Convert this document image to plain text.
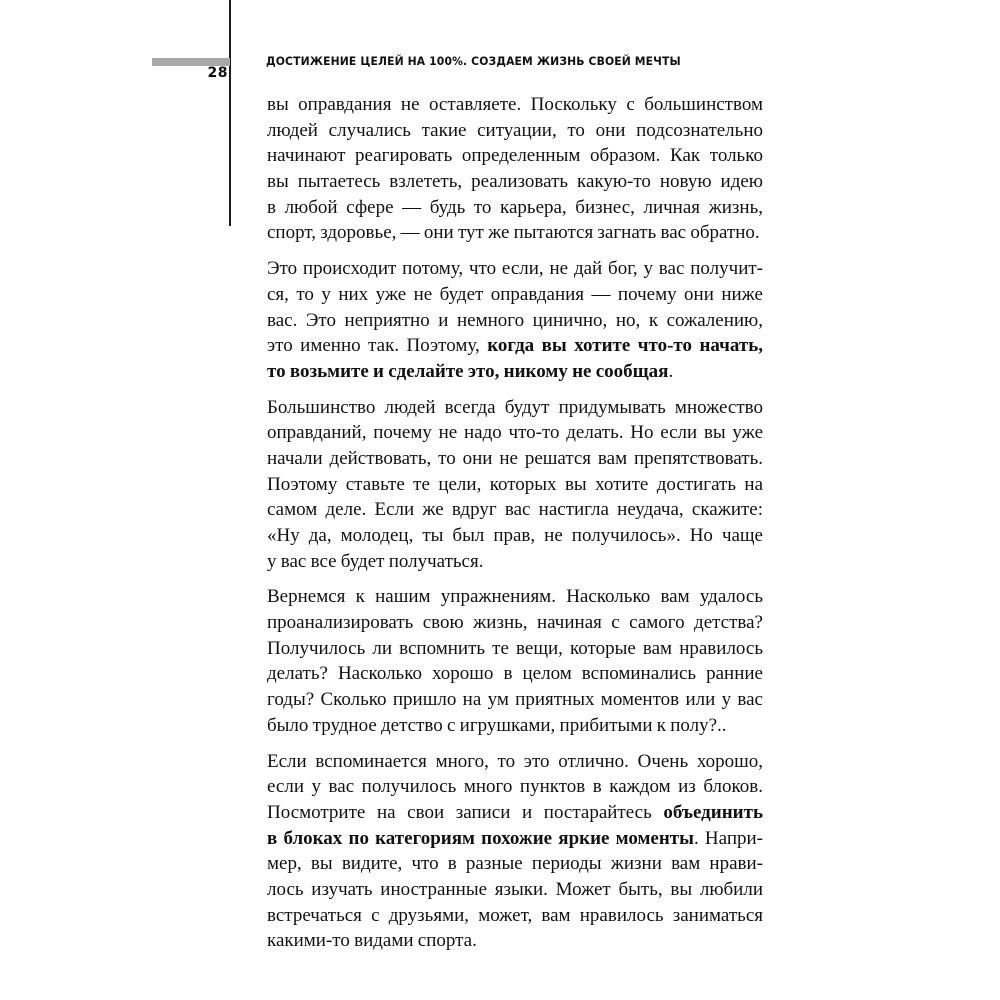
28
ДОСТИЖЕНИЕ ЦЕЛЕЙ НА 100%. СОЗДАЕМ ЖИЗНЬ СВОЕЙ МЕЧТЫ
вы оправдания не оставляете. Поскольку с большинством
людей случались такие ситуации, то они подсознательно
начинают реагировать определенным образом. Как только
вы пытаетесь взлететь, реализовать какую-то новую идею
в любой сфере — будь то карьера, бизнес, личная жизнь,
спорт, здоровье, — они тут же пытаются загнать вас обратно.
Это происходит потому, что если, не дай бог, у вас получит-
ся, то у них уже не будет оправдания — почему они ниже
вас. Это неприятно и немного цинично, но, к сожалению,
это именно так. Поэтому, когда вы хотите что-то начать,
то возьмите и сделайте это, никому не сообщая.
Большинство людей всегда будут придумывать множество
оправданий, почему не надо что-то делать. Но если вы уже
начали действовать, то они не решатся вам препятствовать.
Поэтому ставьте те цели, которых вы хотите достигать на
самом деле. Если же вдруг вас настигла неудача, скажите:
«Ну да, молодец, ты был прав, не получилось». Но чаще
у вас все будет получаться.
Вернемся к нашим упражнениям. Насколько вам удалось
проанализировать свою жизнь, начиная с самого детства?
Получилось ли вспомнить те вещи, которые вам нравилось
делать? Насколько хорошо в целом вспоминались ранние
годы? Сколько пришло на ум приятных моментов или у вас
было трудное детство с игрушками, прибитыми к полу?..
Если вспоминается много, то это отлично. Очень хорошо,
если у вас получилось много пунктов в каждом из блоков.
Посмотрите на свои записи и постарайтесь объединить
в блоках по категориям похожие яркие моменты. Напри-
мер, вы видите, что в разные периоды жизни вам нрави-
лось изучать иностранные языки. Может быть, вы любили
встречаться с друзьями, может, вам нравилось заниматься
какими-то видами спорта.
